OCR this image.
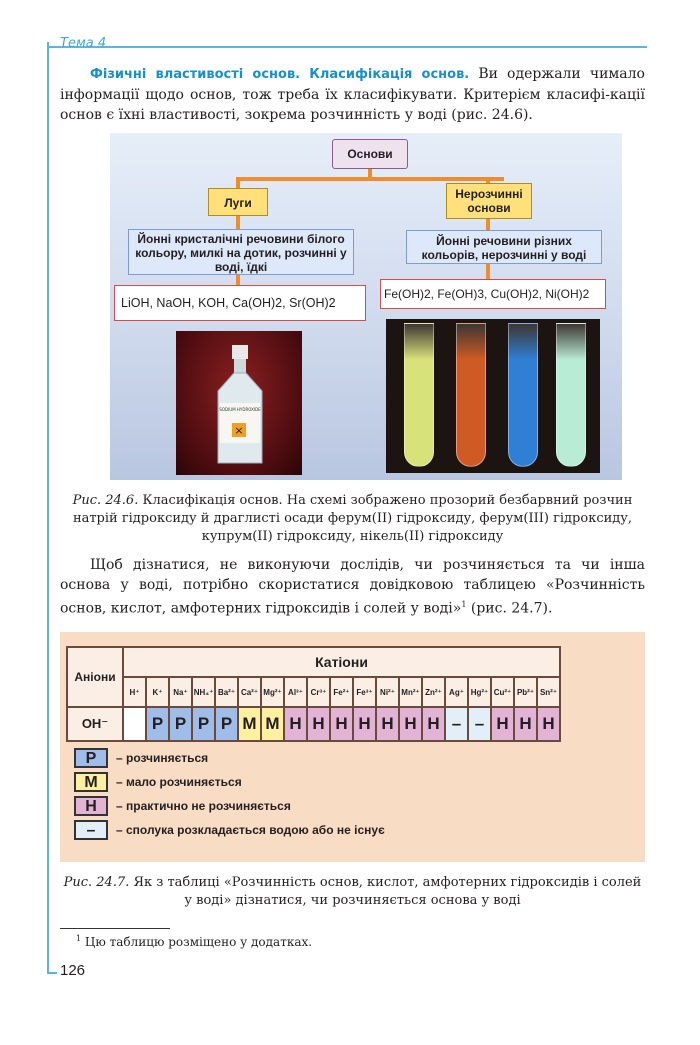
Тема 4
Фізичні властивості основ. Класифікація основ. Ви одержали чимало інформації щодо основ, тож треба їх класифікувати. Критерієм класифі-кації основ є їхні властивості, зокрема розчинність у воді (рис. 24.6).
Основи
Луги
Нерозчинні основи
Йонні кристалічні речовини білого кольору, милкі на дотик, розчинні у воді, їдкі
Йонні речовини різних кольорів, нерозчинні у воді
LiOH, NaOH, KOH, Ca(OH)2, Sr(OH)2
Fe(OH)2, Fe(OH)3, Cu(OH)2, Ni(OH)2
×
SODIUM HYDROXIDE
Рис. 24.6. Класифікація основ. На схемі зображено прозорий безбарвний розчин натрій гідроксиду й драглисті осади ферум(II) гідроксиду, ферум(III) гідроксиду, купрум(II) гідроксиду, нікель(II) гідроксиду
Щоб дізнатися, не виконуючи дослідів, чи розчиняється та чи інша основа у воді, потрібно скористатися довідковою таблицею «Розчинність основ, кислот, амфотерних гідроксидів і солей у воді»$^1$ (рис. 24.7).
Аніони	Катіони																		
	H⁺	K⁺	Na⁺	NH₄⁺	Ba²⁺	Ca²⁺	Mg²⁺	Al³⁺	Cr³⁺	Fe²⁺	Fe³⁺	Ni²⁺	Mn²⁺	Zn²⁺	Ag⁺	Hg²⁺	Cu²⁺	Pb²⁺	Sn²⁺
OH⁻		Р	Р	Р	Р	М	М	Н	Н	Н	Н	Н	Н	Н	–	–	Н	Н	Н
Р	– розчиняється
М	– мало розчиняється
Н	– практично не розчиняється
–	– сполука розкладається водою або не існує
Рис. 24.7. Як з таблиці «Розчинність основ, кислот, амфотерних гідроксидів і солей у воді» дізнатися, чи розчиняється основа у воді
$^1$ Цю таблицю розміщено у додатках.
126
